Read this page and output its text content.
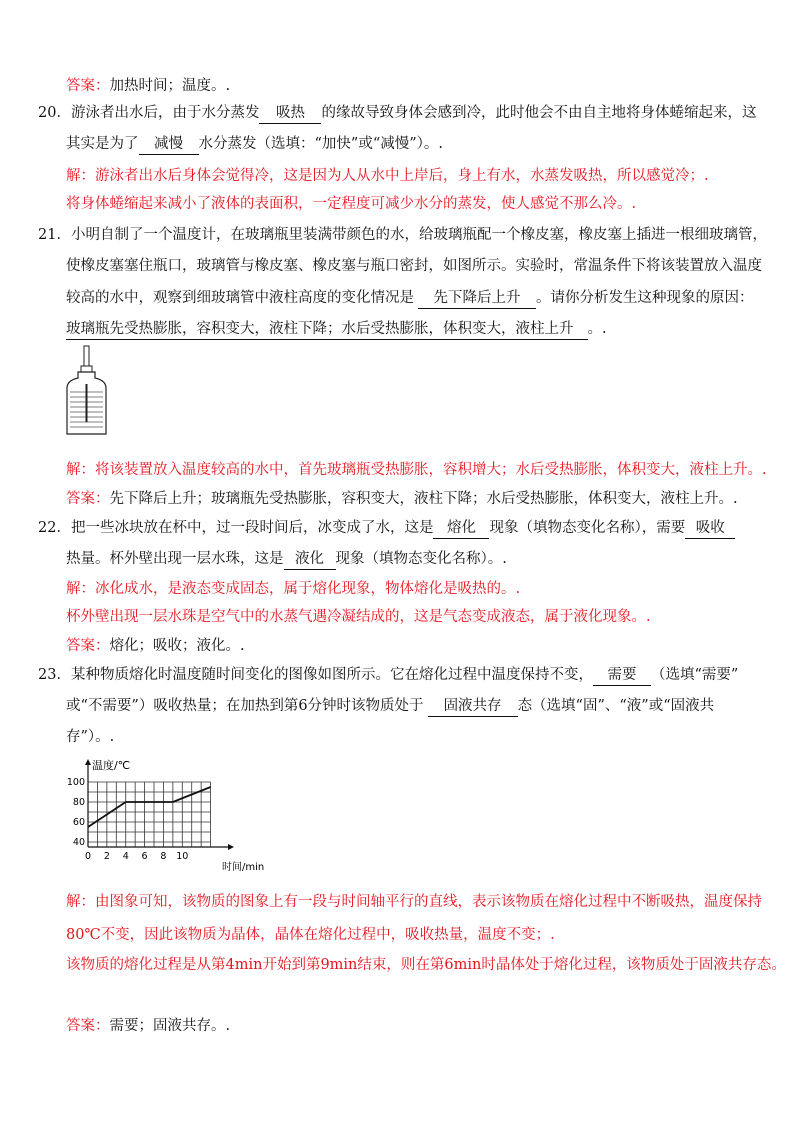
答案：加热时间；温度。.
20．游泳者出水后，由于水分蒸发 吸热 的缘故导致身体会感到冷，此时他会不由自主地将身体蜷缩起来，这
其实是为了 减慢 水分蒸发（选填：“加快”或“减慢”）。.
解：游泳者出水后身体会觉得冷，这是因为人从水中上岸后，身上有水，水蒸发吸热，所以感觉冷；.
将身体蜷缩起来减小了液体的表面积，一定程度可减少水分的蒸发，使人感觉不那么冷。.
21．小明自制了一个温度计，在玻璃瓶里装满带颜色的水，给玻璃瓶配一个橡皮塞，橡皮塞上插进一根细玻璃管，
使橡皮塞塞住瓶口，玻璃管与橡皮塞、橡皮塞与瓶口密封，如图所示。实验时，常温条件下将该装置放入温度
较高的水中，观察到细玻璃管中液柱高度的变化情况是 先下降后上升 。请你分析发生这种现象的原因：
玻璃瓶先受热膨胀，容积变大，液柱下降；水后受热膨胀，体积变大，液柱上升 。.
解：将该装置放入温度较高的水中，首先玻璃瓶受热膨胀，容积增大；水后受热膨胀，体积变大，液柱上升。.
答案：先下降后上升；玻璃瓶先受热膨胀，容积变大，液柱下降；水后受热膨胀，体积变大，液柱上升。.
22．把一些冰块放在杯中，过一段时间后，冰变成了水，这是 熔化 现象（填物态变化名称），需要 吸收
热量。杯外壁出现一层水珠，这是 液化 现象（填物态变化名称）。.
解：冰化成水，是液态变成固态，属于熔化现象，物体熔化是吸热的。.
杯外壁出现一层水珠是空气中的水蒸气遇冷凝结成的，这是气态变成液态，属于液化现象。.
答案：熔化；吸收；液化。.
23．某种物质熔化时温度随时间变化的图像如图所示。它在熔化过程中温度保持不变， 需要 （选填“需要”
或“不需要”）吸收热量；在加热到第6分钟时该物质处于 固液共存 态（选填“固”、“液”或“固液共
存”）。.
0 2 4 6 8 10
40
60
80
100
温度/℃
时间/min
解：由图象可知，该物质的图象上有一段与时间轴平行的直线，表示该物质在熔化过程中不断吸热，温度保持
80℃不变，因此该物质为晶体，晶体在熔化过程中，吸收热量，温度不变；.
该物质的熔化过程是从第4min开始到第9min结束，则在第6min时晶体处于熔化过程，该物质处于固液共存态。
答案：需要；固液共存。.
